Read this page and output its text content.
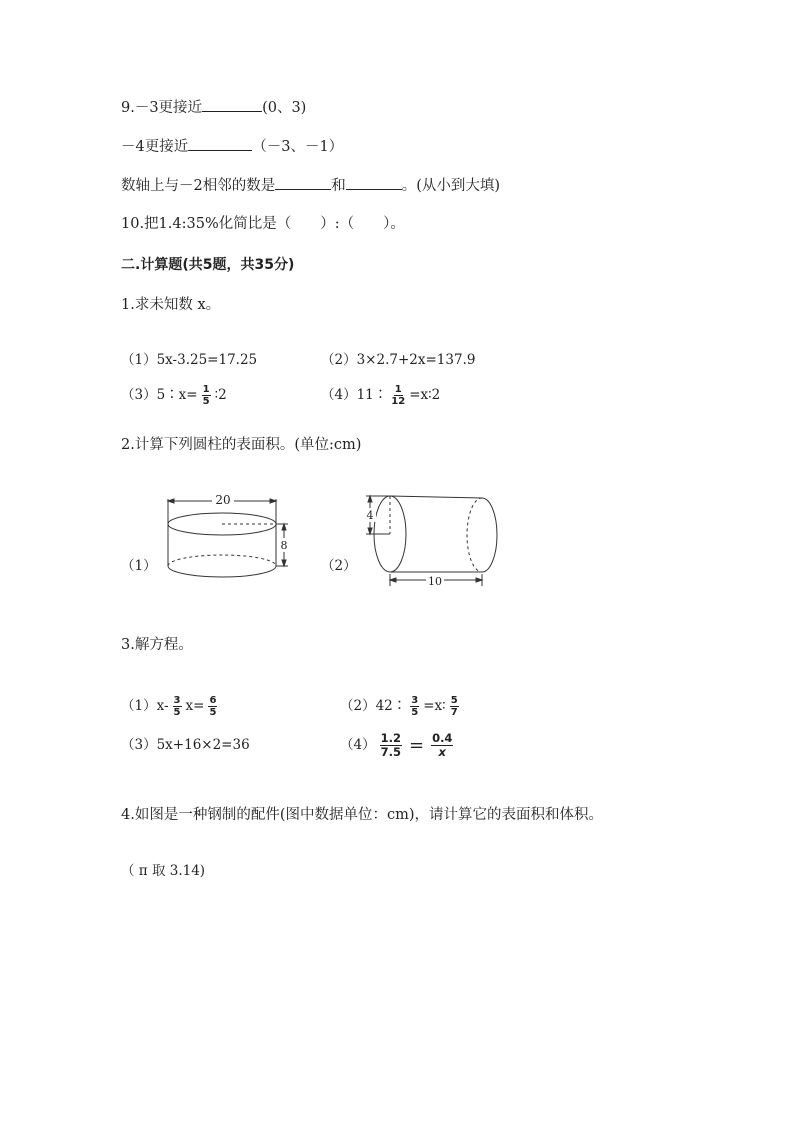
9.－3更接近	(0、3)
－4更接近	（－3、－1）
数轴上与－2相邻的数是	和	。(从小到大填)
10.把1.4:35%化简比是（　　）:（　　）。
二.计算题(共5题，共35分)
1.求未知数 x。
（1）5x-3.25=17.25	（2）3×2.7+2x=137.9
（3）5∶x= $\frac{1}{5}$ ∶2	（4）11∶ $\frac{1}{12}$ =x∶2
2.计算下列圆柱的表面积。(单位:cm)
（1）	（2）
20
8
4
10
3.解方程。
$(1)x- \frac{3}{5} x= \frac{6}{5}$	（2）42∶ $\frac{3}{5}$ =x∶ $\frac{5}{7}$
（3）5x+16×2=36	$(4) \frac{1.2}{7.5} = \frac{0.4}{x}$
4.如图是一种钢制的配件(图中数据单位：cm)，请计算它的表面积和体积。
（ π 取 3.14)
